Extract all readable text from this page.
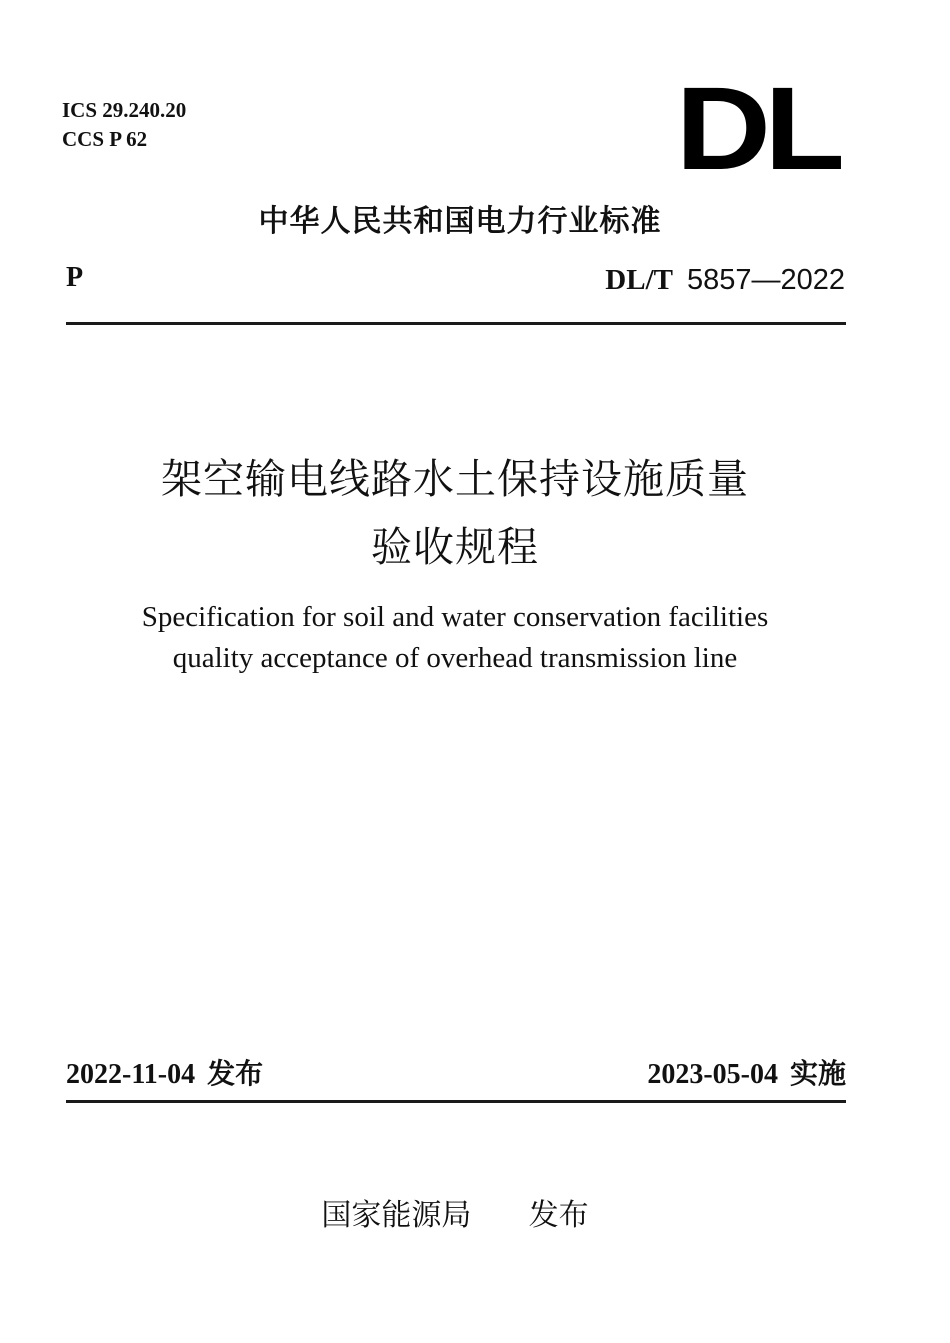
ICS 29.240.20
CCS P 62	DL
中华人民共和国电力行业标准
P	DL/T 5857—2022
架空输电线路水土保持设施质量
验收规程
Specification for soil and water conservation facilities
quality acceptance of overhead transmission line
2022-11-04 发布	2023-05-04 实施
国家能源局 发布
